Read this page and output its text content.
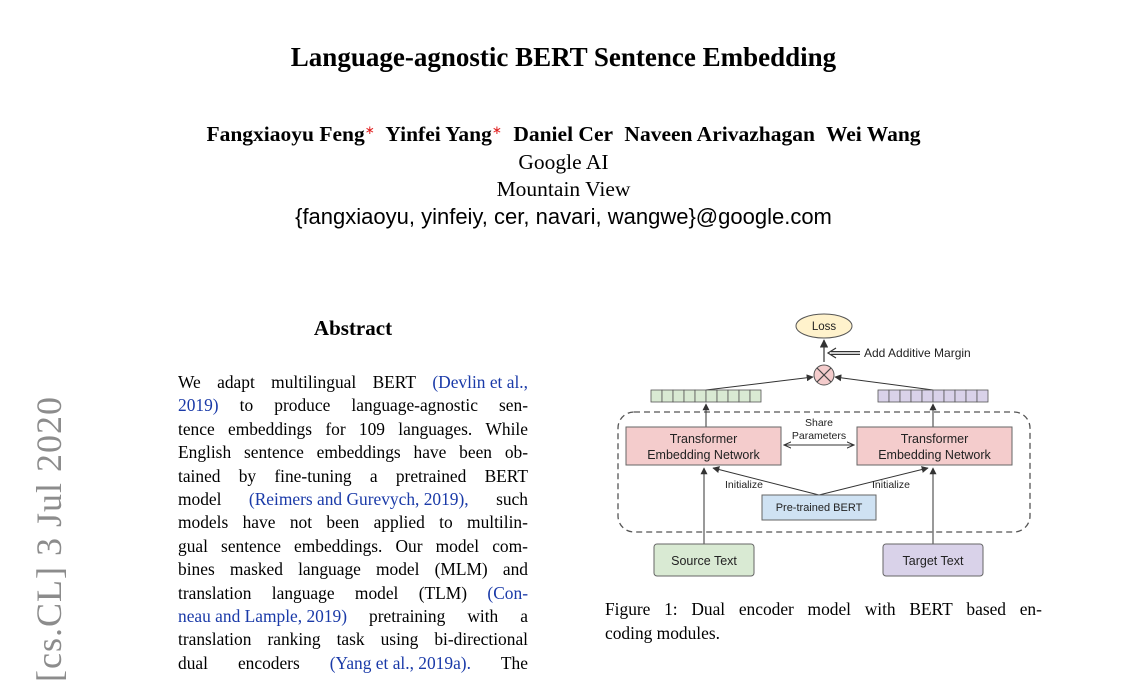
Language-agnostic BERT Sentence Embedding
Fangxiaoyu Feng∗ Yinfei Yang∗ Daniel Cer Naveen Arivazhagan Wei Wang
Google AI
Mountain View
{fangxiaoyu, yinfeiy, cer, navari, wangwe}@google.com
[cs.CL] 3 Jul 2020
Abstract
We adapt multilingual BERT (Devlin et al.,
2019) to produce language-agnostic sen-
tence embeddings for 109 languages. While
English sentence embeddings have been ob-
tained by fine-tuning a pretrained BERT
model (Reimers and Gurevych, 2019), such
models have not been applied to multilin-
gual sentence embeddings. Our model com-
bines masked language model (MLM) and
translation language model (TLM) (Con-
neau and Lample, 2019) pretraining with a
translation ranking task using bi-directional
dual encoders (Yang et al., 2019a). The
Loss
Add Additive Margin
Transformer
Embedding Network
Transformer
Embedding Network
Share
Parameters
Initialize	Initialize
Pre-trained BERT
Source Text	Target Text
Figure 1: Dual encoder model with BERT based en-
coding modules.
